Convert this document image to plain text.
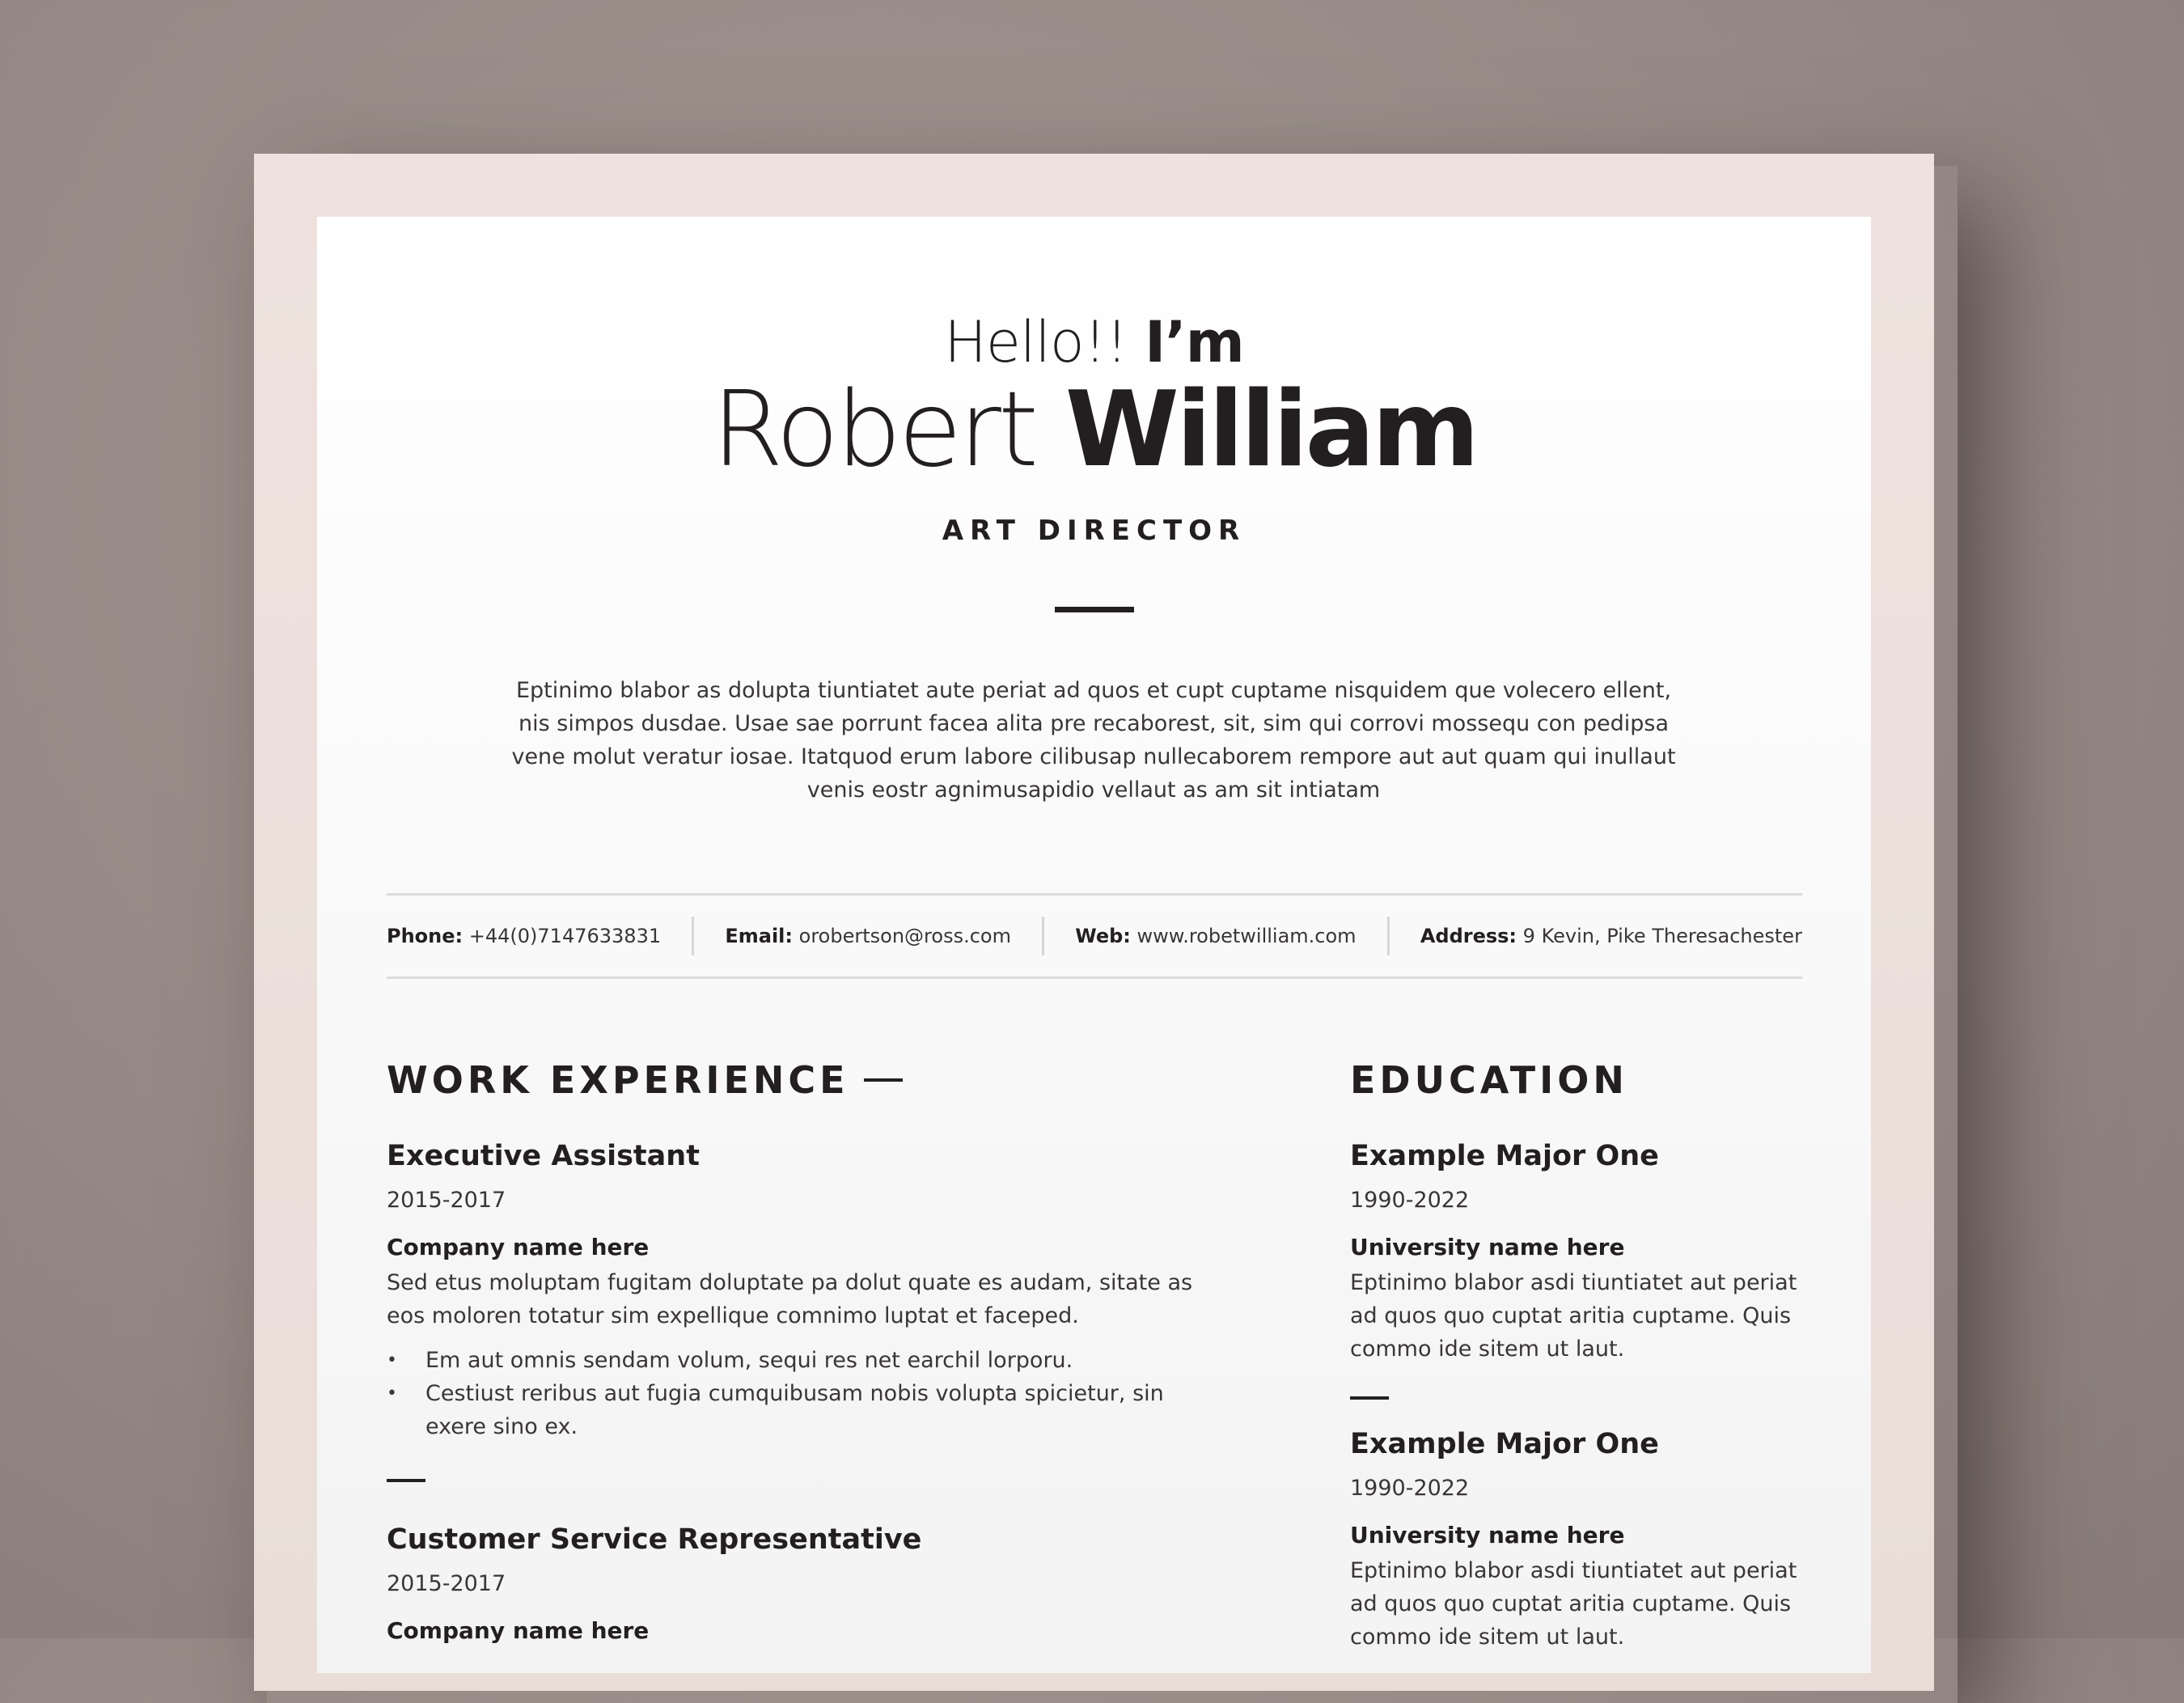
Hello!! I’m
Robert William
ART DIRECTOR
Eptinimo blabor as dolupta tiuntiatet aute periat ad quos et cupt cuptame nisquidem que volecero ellent, nis simpos dusdae. Usae sae porrunt facea alita pre recaborest, sit, sim qui corrovi mossequ con pedipsa vene molut veratur iosae. Itatquod erum labore cilibusap nullecaborem rempore aut aut quam qui inullaut venis eostr agnimusapidio vellaut as am sit intiatam
Phone: +44(0)7147633831	Email: orobertson@ross.com	Web: www.robetwilliam.com	Address: 9 Kevin, Pike Theresachester
WORK EXPERIENCE
Executive Assistant
2015-2017
Company name here
Sed etus moluptam fugitam doluptate pa dolut quate es audam, sitate as eos moloren totatur sim expellique comnimo luptat et faceped.
• Em aut omnis sendam volum, sequi res net earchil lorporu.
• Cestiust reribus aut fugia cumquibusam nobis volupta spicietur, sin exere sino ex.
Customer Service Representative
2015-2017
Company name here
EDUCATION
Example Major One
1990-2022
University name here
Eptinimo blabor asdi tiuntiatet aut periat ad quos quo cuptat aritia cuptame. Quis commo ide sitem ut laut.
Example Major One
1990-2022
University name here
Eptinimo blabor asdi tiuntiatet aut periat ad quos quo cuptat aritia cuptame. Quis commo ide sitem ut laut.
